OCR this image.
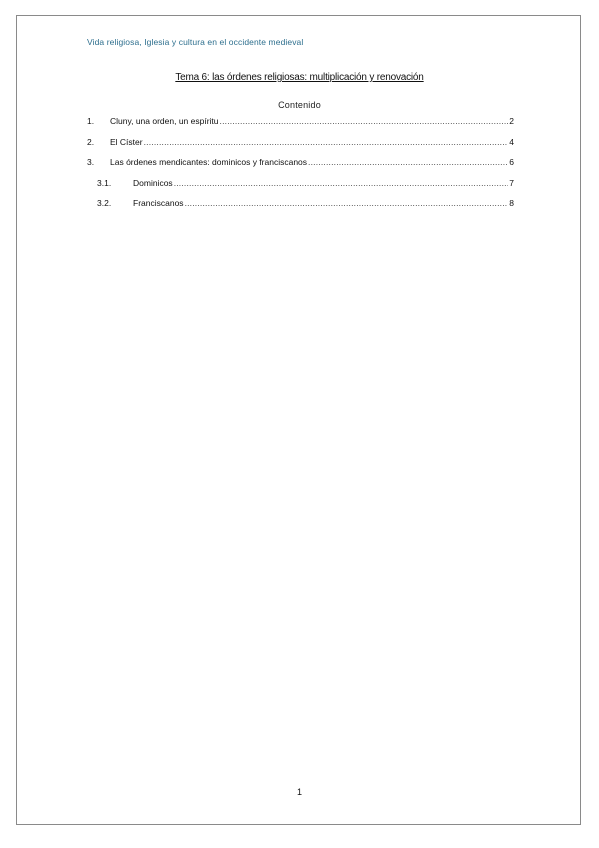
Vida religiosa, Iglesia y cultura en el occidente medieval
Tema 6: las órdenes religiosas: multiplicación y renovación
Contenido
1.	Cluny, una orden, un espíritu .....	2
2.	El Císter .....	4
3.	Las órdenes mendicantes: dominicos y franciscanos .....	6
3.1.	Dominicos .....	7
3.2.	Franciscanos .....	8
1
